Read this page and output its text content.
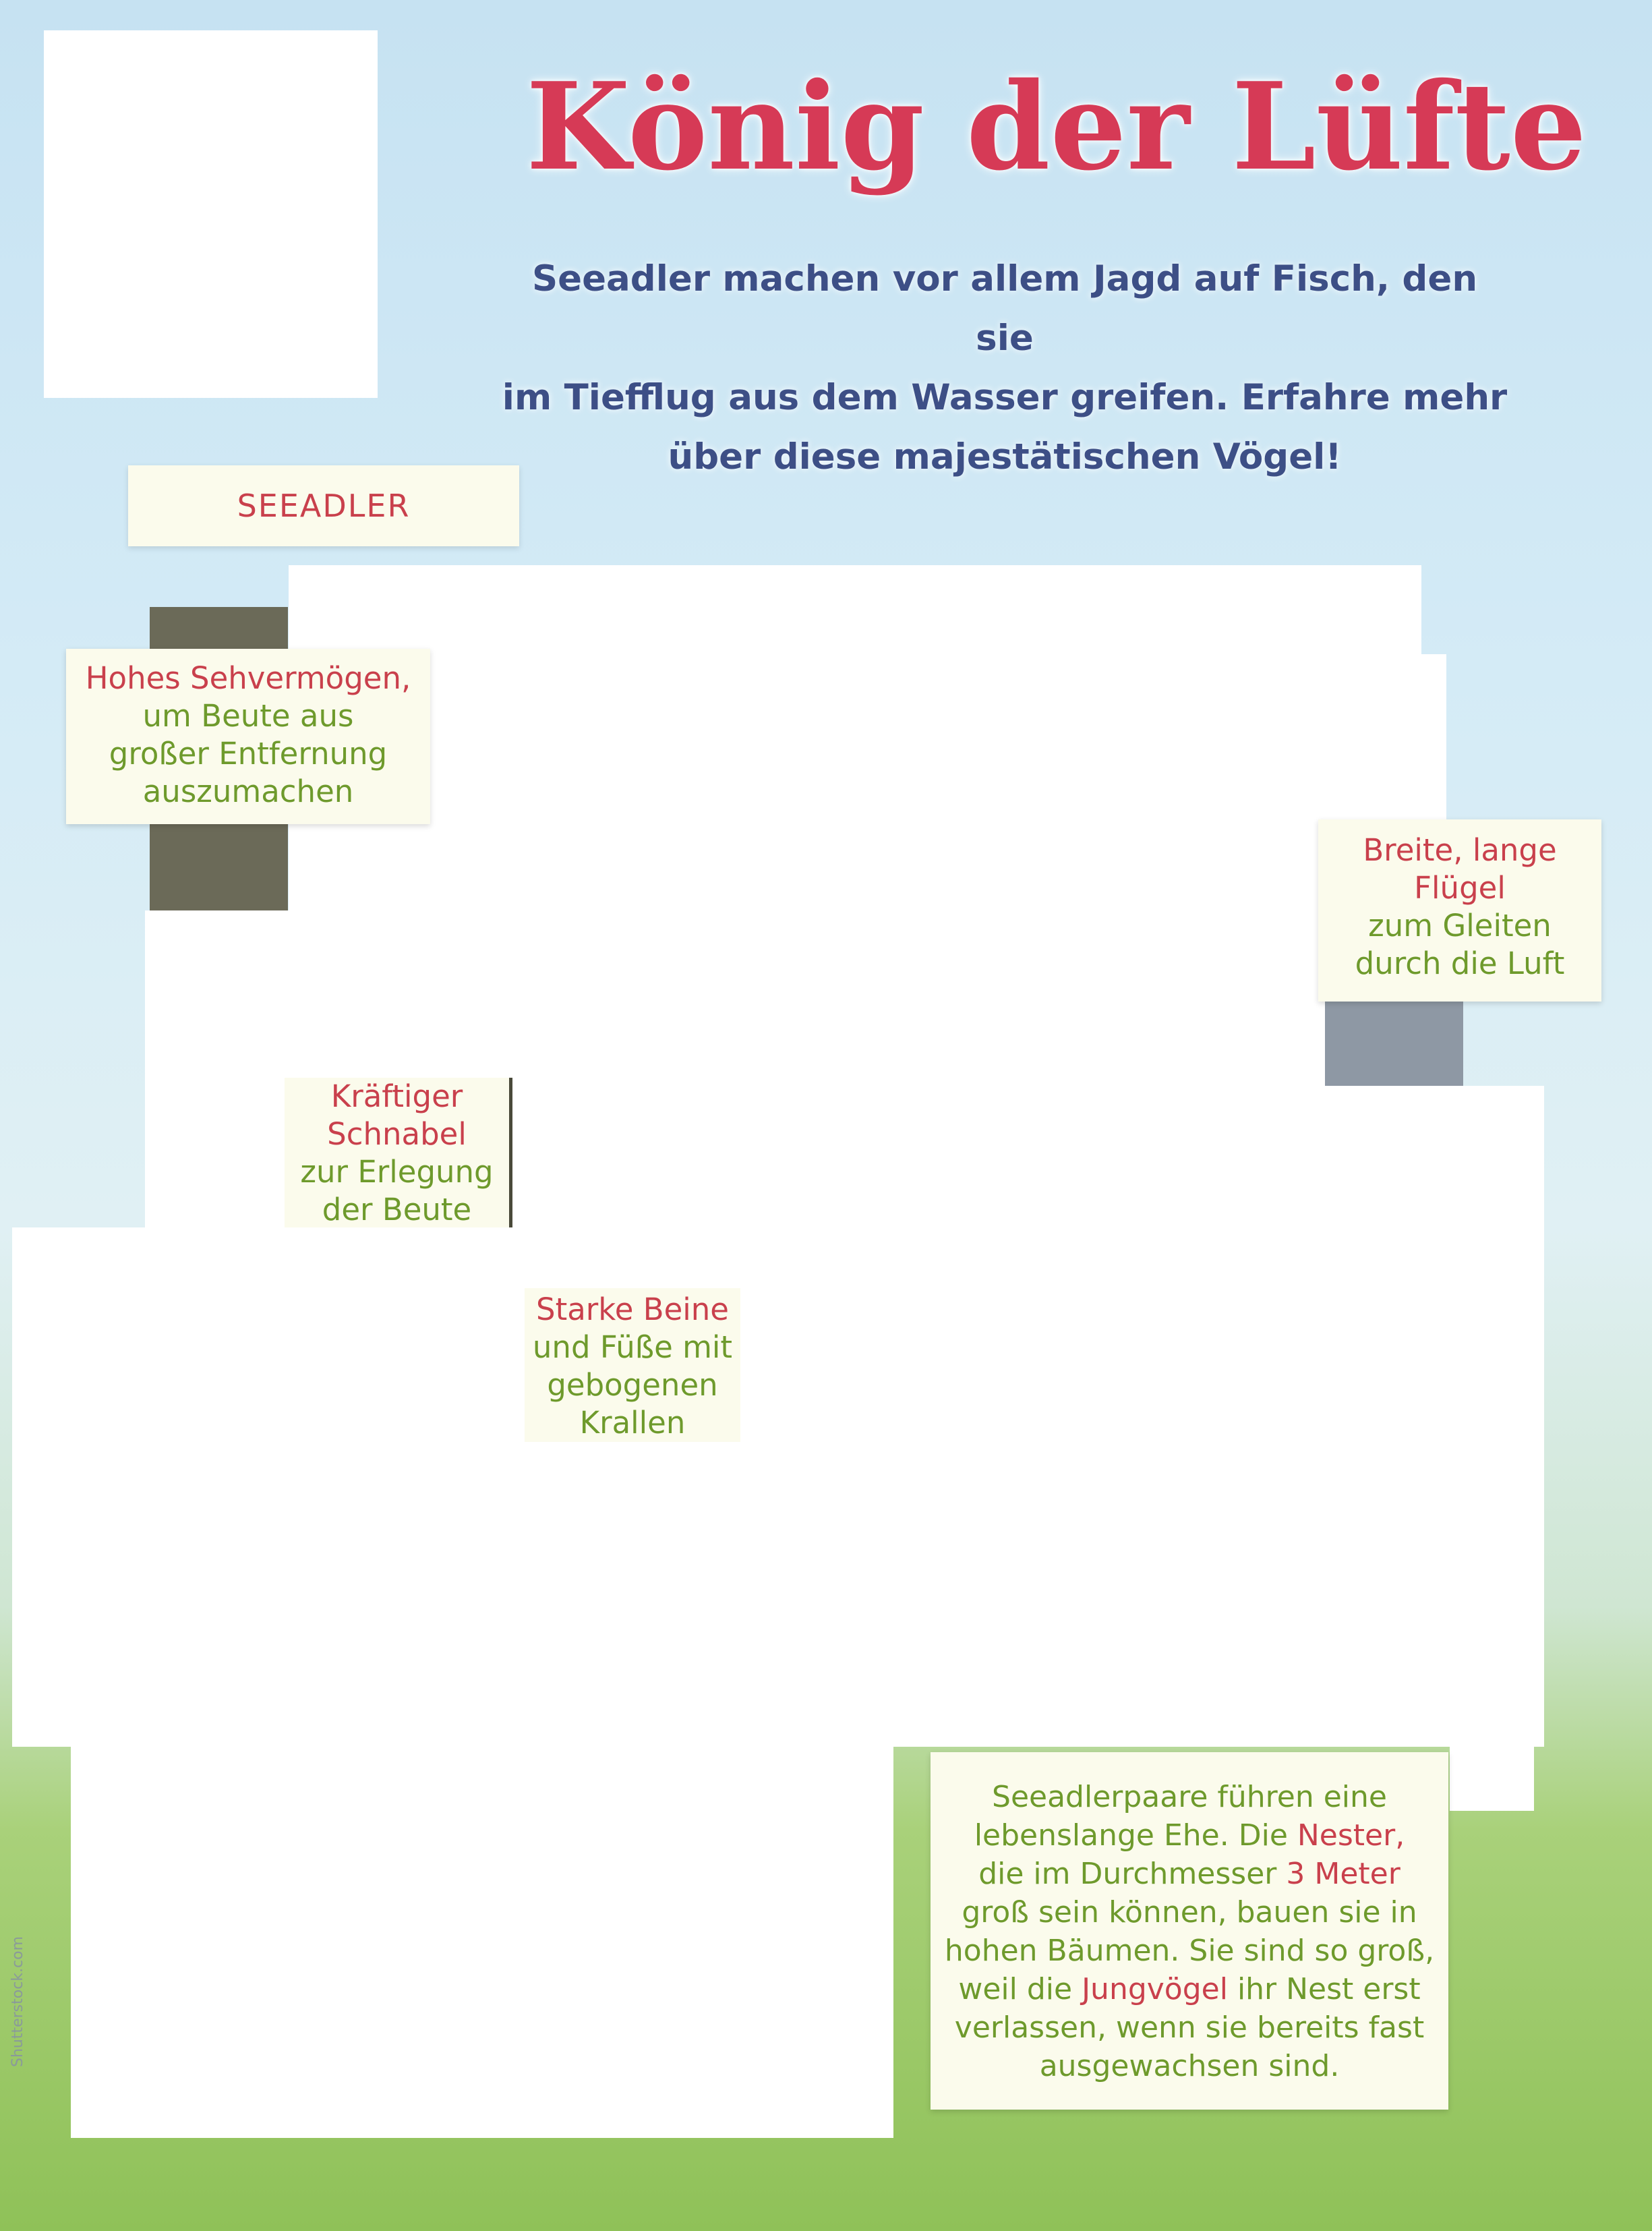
König der Lüfte
Seeadler machen vor allem Jagd auf Fisch, den sie
im Tiefflug aus dem Wasser greifen. Erfahre mehr
über diese majestätischen Vögel!
SEEADLER
Hohes Sehvermögen,
um Beute aus
großer Entfernung
auszumachen
Breite, lange
Flügel
zum Gleiten
durch die Luft
Kräftiger
Schnabel
zur Erlegung
der Beute
Starke Beine
und Füße mit
gebogenen
Krallen
Seeadlerpaare führen eine
lebenslange Ehe. Die Nester,
die im Durchmesser 3 Meter
groß sein können, bauen sie in
hohen Bäumen. Sie sind so groß,
weil die Jungvögel ihr Nest erst
verlassen, wenn sie bereits fast
ausgewachsen sind.
Shutterstock.com
